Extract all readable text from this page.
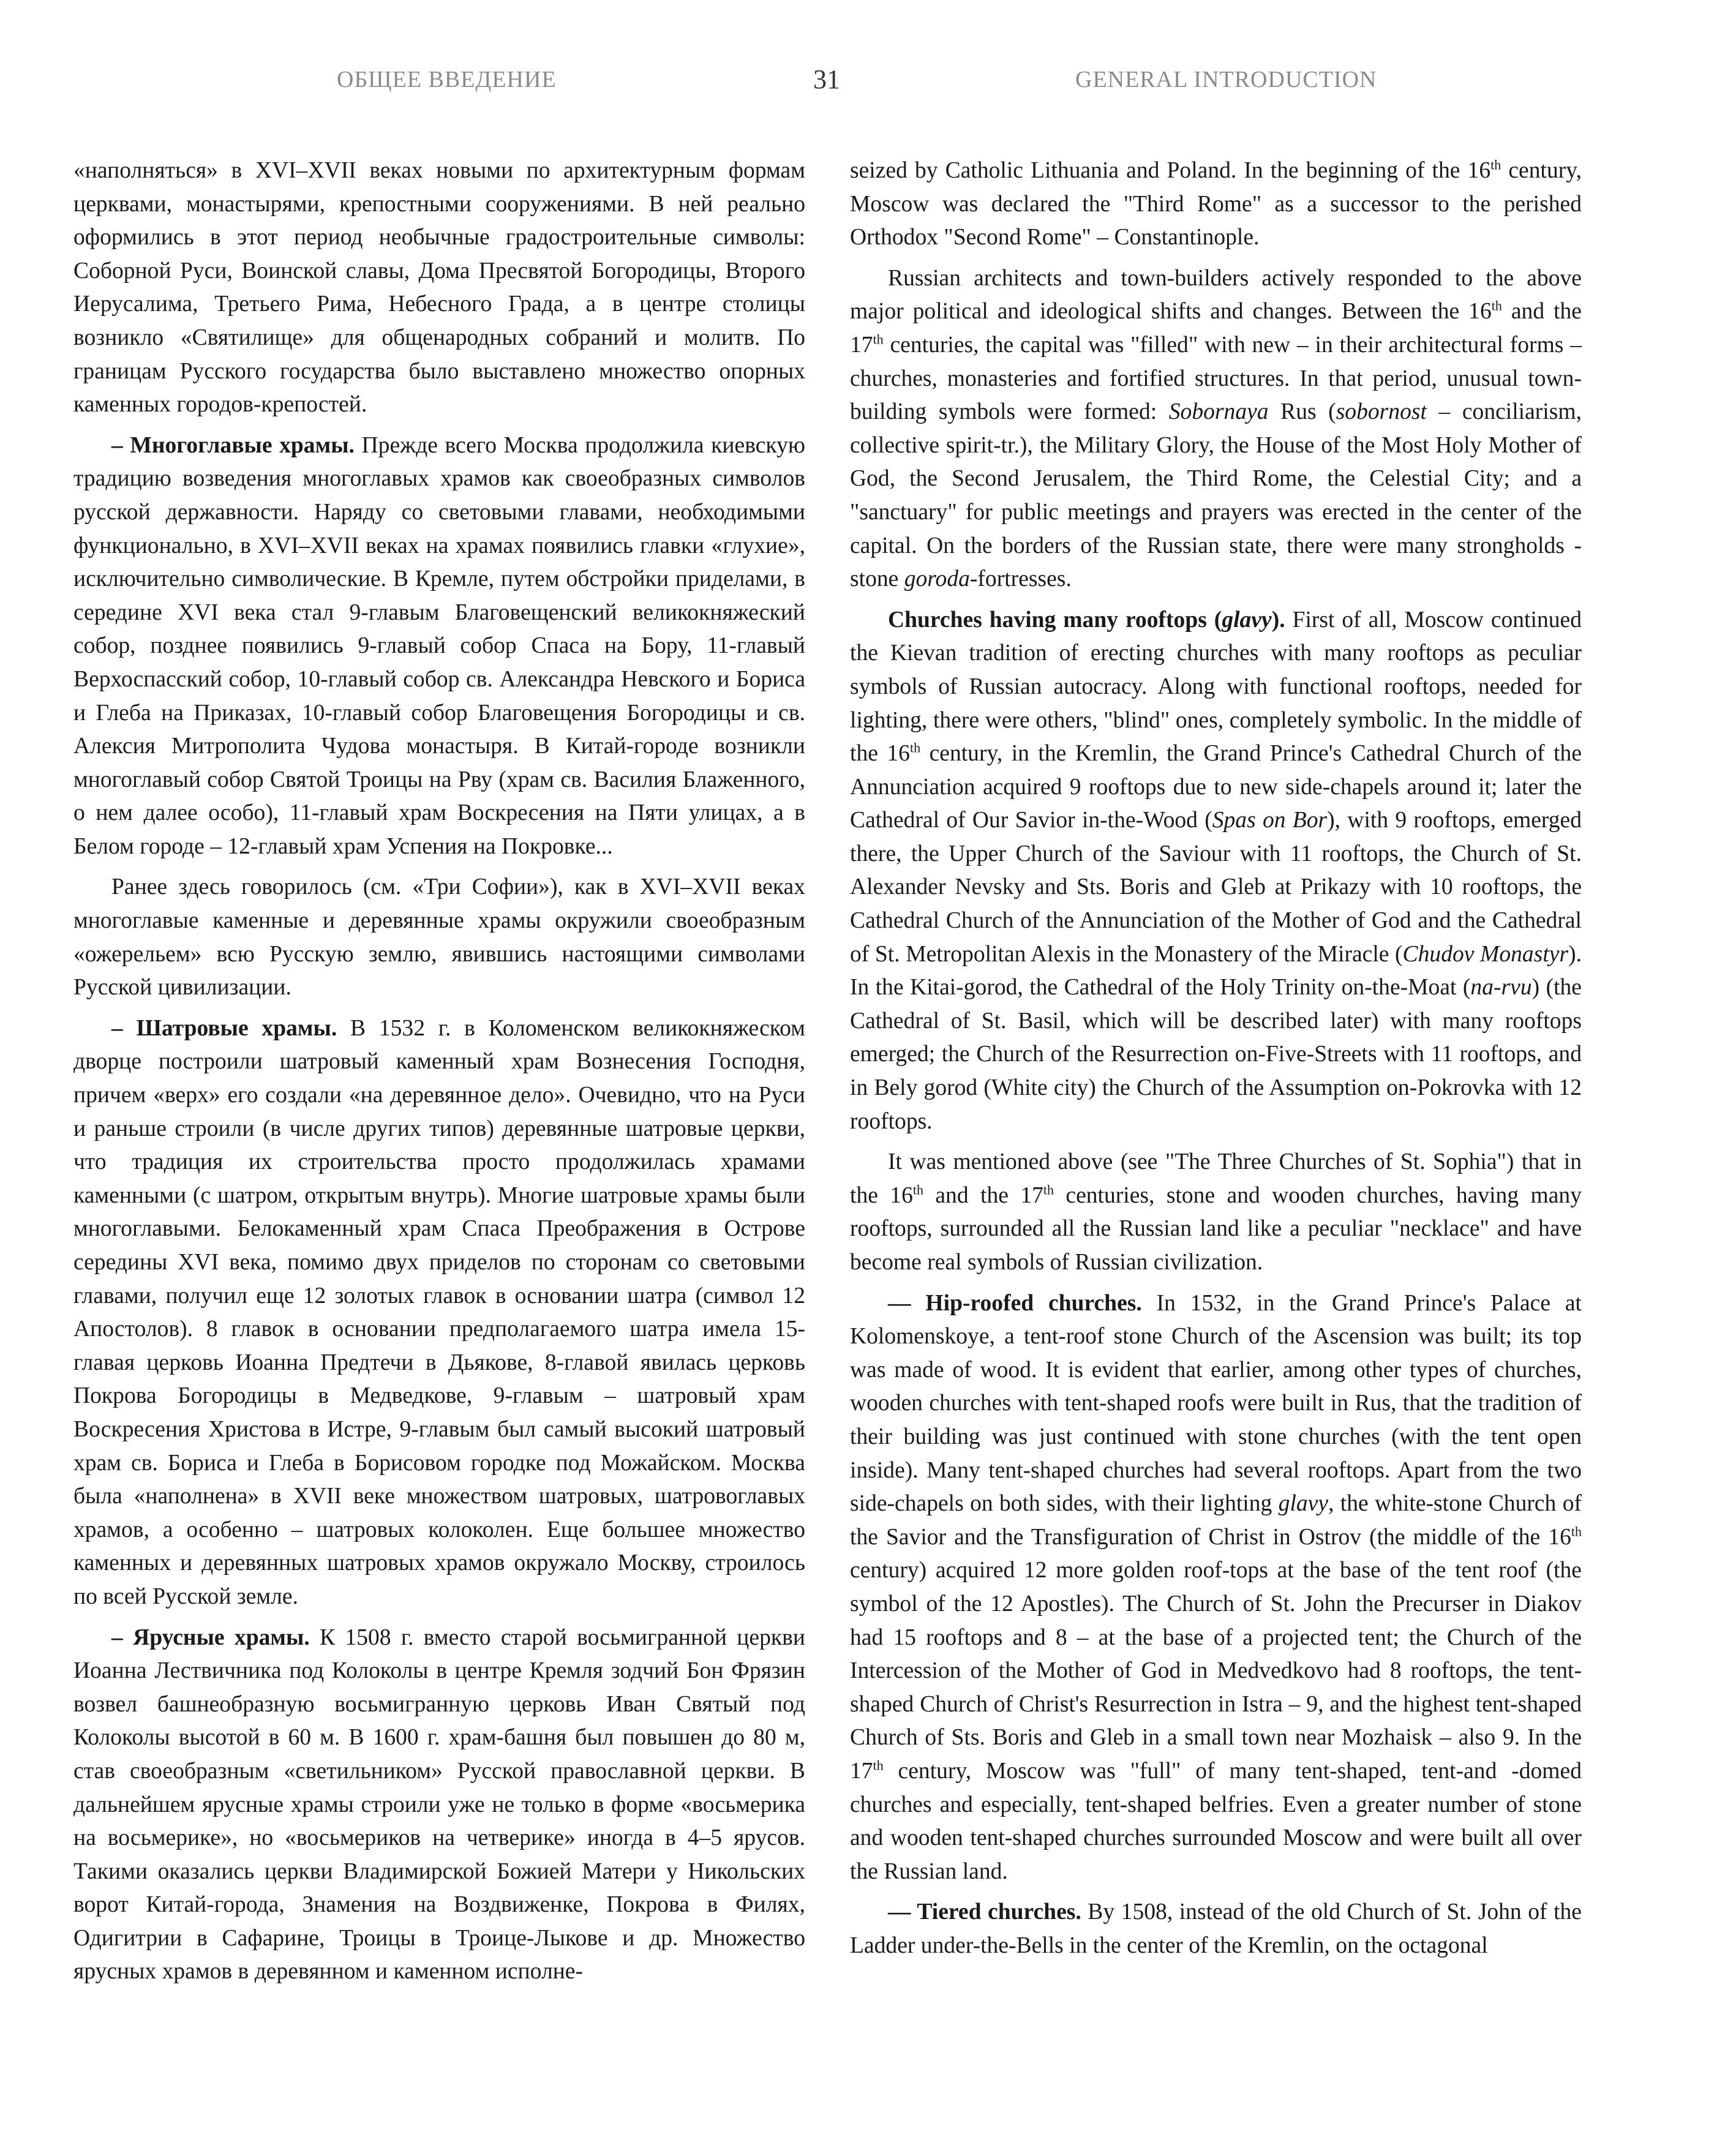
ОБЩЕЕ ВВЕДЕНИЕ	31	GENERAL INTRODUCTION

«наполняться» в XVI–XVII веках новыми по архитектурным формам церквами, монастырями, крепостными сооружениями. В ней реально оформились в этот период необычные градостроительные символы: Соборной Руси, Воинской славы, Дома Пресвятой Богородицы, Второго Иерусалима, Третьего Рима, Небесного Града, а в центре столицы возникло «Святилище» для общенародных собраний и молитв. По границам Русского государства было выставлено множество опорных каменных городов-крепостей.

– Многоглавые храмы. Прежде всего Москва продолжила киевскую традицию возведения многоглавых храмов как своеобразных символов русской державности. Наряду со световыми главами, необходимыми функционально, в XVI–XVII веках на храмах появились главки «глухие», исключительно символические. В Кремле, путем обстройки приделами, в середине XVI века стал 9-главым Благовещенский великокняжеский собор, позднее появились 9-главый собор Спаса на Бору, 11-главый Верхоспасский собор, 10-главый собор св. Александра Невского и Бориса и Глеба на Приказах, 10-главый собор Благовещения Богородицы и св. Алексия Митрополита Чудова монастыря. В Китай-городе возникли многоглавый собор Святой Троицы на Рву (храм св. Василия Блаженного, о нем далее особо), 11-главый храм Воскресения на Пяти улицах, а в Белом городе – 12-главый храм Успения на Покровке...

Ранее здесь говорилось (см. «Три Софии»), как в XVI–XVII веках многоглавые каменные и деревянные храмы окружили своеобразным «ожерельем» всю Русскую землю, явившись настоящими символами Русской цивилизации.

– Шатровые храмы. В 1532 г. в Коломенском великокняжеском дворце построили шатровый каменный храм Вознесения Господня, причем «верх» его создали «на деревянное дело». Очевидно, что на Руси и раньше строили (в числе других типов) деревянные шатровые церкви, что традиция их строительства просто продолжилась храмами каменными (с шатром, открытым внутрь). Многие шатровые храмы были многоглавыми. Белокаменный храм Спаса Преображения в Острове середины XVI века, помимо двух приделов по сторонам со световыми главами, получил еще 12 золотых главок в основании шатра (символ 12 Апостолов). 8 главок в основании предполагаемого шатра имела 15-главая церковь Иоанна Предтечи в Дьякове, 8-главой явилась церковь Покрова Богородицы в Медведкове, 9-главым – шатровый храм Воскресения Христова в Истре, 9-главым был самый высокий шатровый храм св. Бориса и Глеба в Борисовом городке под Можайском. Москва была «наполнена» в XVII веке множеством шатровых, шатровоглавых храмов, а особенно – шатровых колоколен. Еще большее множество каменных и деревянных шатровых храмов окружало Москву, строилось по всей Русской земле.

– Ярусные храмы. К 1508 г. вместо старой восьмигранной церкви Иоанна Лествичника под Колоколы в центре Кремля зодчий Бон Фрязин возвел башнеобразную восьмигранную церковь Иван Святый под Колоколы высотой в 60 м. В 1600 г. храм-башня был повышен до 80 м, став своеобразным «светильником» Русской православной церкви. В дальнейшем ярусные храмы строили уже не только в форме «восьмерика на восьмерике», но «восьмериков на четверике» иногда в 4–5 ярусов. Такими оказались церкви Владимирской Божией Матери у Никольских ворот Китай-города, Знамения на Воздвиженке, Покрова в Филях, Одигитрии в Сафарине, Троицы в Троице-Лыкове и др. Множество ярусных храмов в деревянном и каменном исполне-

seized by Catholic Lithuania and Poland. In the beginning of the 16th century, Moscow was declared the "Third Rome" as a successor to the perished Orthodox "Second Rome" – Constantinople.

Russian architects and town-builders actively responded to the above major political and ideological shifts and changes. Between the 16th and the 17th centuries, the capital was "filled" with new – in their architectural forms – churches, monasteries and fortified structures. In that period, unusual town-building symbols were formed: Sobornaya Rus (sobornost – conciliarism, collective spirit-tr.), the Military Glory, the House of the Most Holy Mother of God, the Second Jerusalem, the Third Rome, the Celestial City; and a "sanctuary" for public meetings and prayers was erected in the center of the capital. On the borders of the Russian state, there were many strongholds -stone goroda-fortresses.

Churches having many rooftops (glavy). First of all, Moscow continued the Kievan tradition of erecting churches with many rooftops as peculiar symbols of Russian autocracy. Along with functional rooftops, needed for lighting, there were others, "blind" ones, completely symbolic. In the middle of the 16th century, in the Kremlin, the Grand Prince's Cathedral Church of the Annunciation acquired 9 rooftops due to new side-chapels around it; later the Cathedral of Our Savior in-the-Wood (Spas on Bor), with 9 rooftops, emerged there, the Upper Church of the Saviour with 11 rooftops, the Church of St. Alexander Nevsky and Sts. Boris and Gleb at Prikazy with 10 rooftops, the Cathedral Church of the Annunciation of the Mother of God and the Cathedral of St. Metropolitan Alexis in the Monastery of the Miracle (Chudov Monastyr). In the Kitai-gorod, the Cathedral of the Holy Trinity on-the-Moat (na-rvu) (the Cathedral of St. Basil, which will be described later) with many rooftops emerged; the Church of the Resurrection on-Five-Streets with 11 rooftops, and in Bely gorod (White city) the Church of the Assumption on-Pokrovka with 12 rooftops.

It was mentioned above (see "The Three Churches of St. Sophia") that in the 16th and the 17th centuries, stone and wooden churches, having many rooftops, surrounded all the Russian land like a peculiar "necklace" and have become real symbols of Russian civilization.

— Hip-roofed churches. In 1532, in the Grand Prince's Palace at Kolomenskoye, a tent-roof stone Church of the Ascension was built; its top was made of wood. It is evident that earlier, among other types of churches, wooden churches with tent-shaped roofs were built in Rus, that the tradition of their building was just continued with stone churches (with the tent open inside). Many tent-shaped churches had several rooftops. Apart from the two side-chapels on both sides, with their lighting glavy, the white-stone Church of the Savior and the Transfiguration of Christ in Ostrov (the middle of the 16th century) acquired 12 more golden roof-tops at the base of the tent roof (the symbol of the 12 Apostles). The Church of St. John the Precurser in Diakov had 15 rooftops and 8 – at the base of a projected tent; the Church of the Intercession of the Mother of God in Medvedkovo had 8 rooftops, the tent-shaped Church of Christ's Resurrection in Istra – 9, and the highest tent-shaped Church of Sts. Boris and Gleb in a small town near Mozhaisk – also 9. In the 17th century, Moscow was "full" of many tent-shaped, tent-and -domed churches and especially, tent-shaped belfries. Even a greater number of stone and wooden tent-shaped churches surrounded Moscow and were built all over the Russian land.

— Tiered churches. By 1508, instead of the old Church of St. John of the Ladder under-the-Bells in the center of the Kremlin, on the octagonal
